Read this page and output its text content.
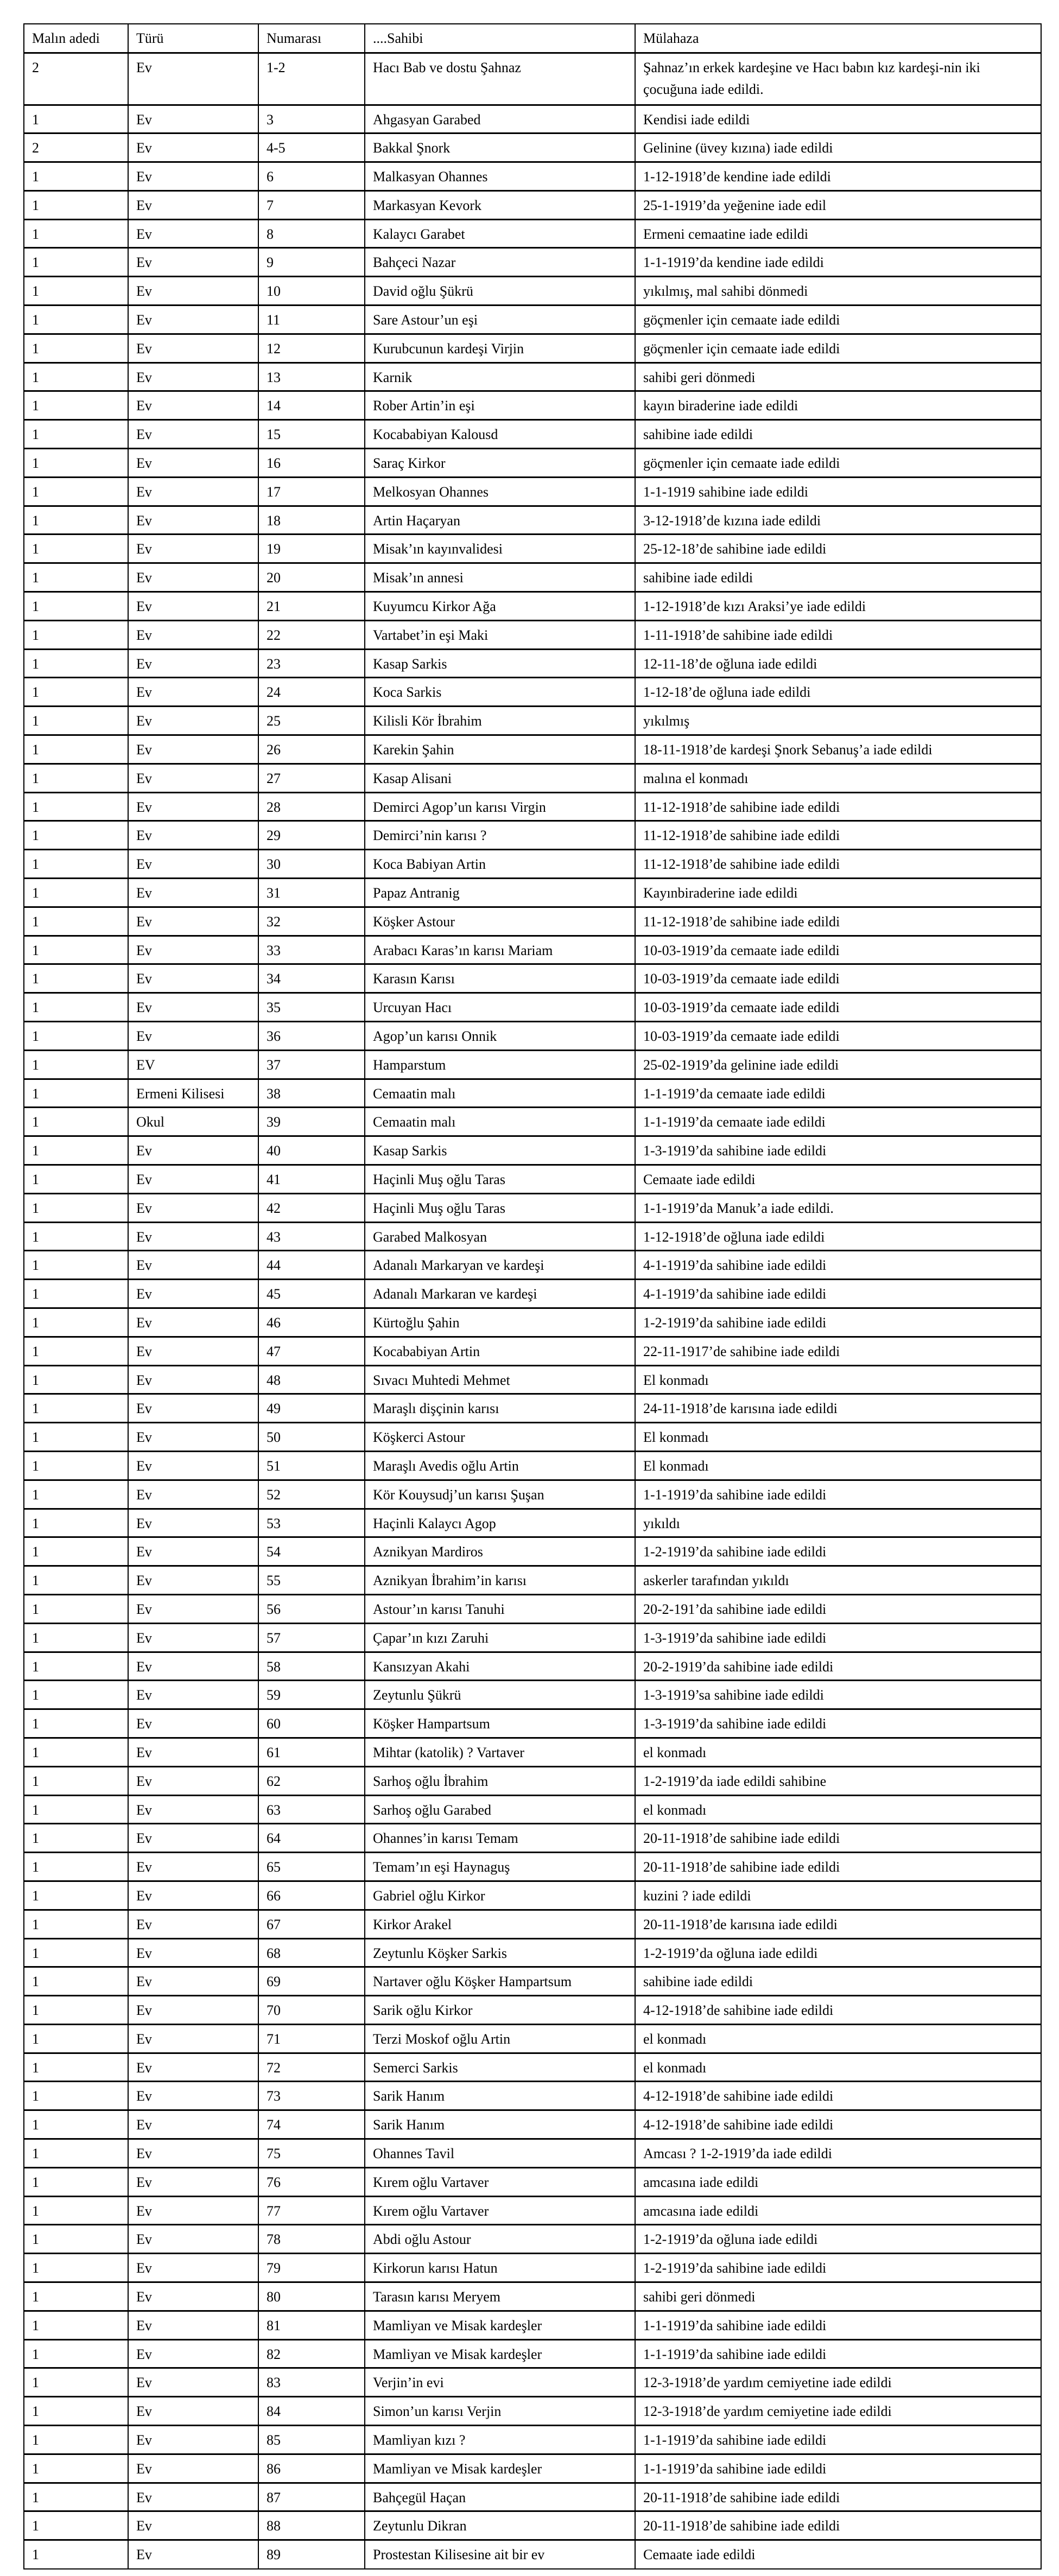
Malın adedi	Türü	Numarası	....Sahibi	Mülahaza
2	Ev	1-2	Hacı Bab ve dostu Şahnaz	Şahnaz’ın erkek kardeşine ve Hacı babın kız kardeşi-nin iki çocuğuna iade edildi.
1	Ev	3	Ahgasyan Garabed	Kendisi iade edildi
2	Ev	4-5	Bakkal Şnork	Gelinine (üvey kızına) iade edildi
1	Ev	6	Malkasyan Ohannes	1-12-1918’de kendine iade edildi
1	Ev	7	Markasyan Kevork	25-1-1919’da yeğenine iade edil
1	Ev	8	Kalaycı Garabet	Ermeni cemaatine iade edildi
1	Ev	9	Bahçeci Nazar	1-1-1919’da kendine iade edildi
1	Ev	10	David oğlu Şükrü	yıkılmış, mal sahibi dönmedi
1	Ev	11	Sare Astour’un eşi	göçmenler için cemaate iade edildi
1	Ev	12	Kurubcunun kardeşi Virjin	göçmenler için cemaate iade edildi
1	Ev	13	Karnik	sahibi geri dönmedi
1	Ev	14	Rober Artin’in eşi	kayın biraderine iade edildi
1	Ev	15	Kocababiyan Kalousd	sahibine iade edildi
1	Ev	16	Saraç Kirkor	göçmenler için cemaate iade edildi
1	Ev	17	Melkosyan Ohannes	1-1-1919 sahibine iade edildi
1	Ev	18	Artin Haçaryan	3-12-1918’de kızına iade edildi
1	Ev	19	Misak’ın kayınvalidesi	25-12-18’de sahibine iade edildi
1	Ev	20	Misak’ın annesi	sahibine iade edildi
1	Ev	21	Kuyumcu Kirkor Ağa	1-12-1918’de kızı Araksi’ye iade edildi
1	Ev	22	Vartabet’in eşi Maki	1-11-1918’de sahibine iade edildi
1	Ev	23	Kasap Sarkis	12-11-18’de oğluna iade edildi
1	Ev	24	Koca Sarkis	1-12-18’de oğluna iade edildi
1	Ev	25	Kilisli Kör İbrahim	yıkılmış
1	Ev	26	Karekin Şahin	18-11-1918’de kardeşi Şnork Sebanuş’a iade edildi
1	Ev	27	Kasap Alisani	malına el konmadı
1	Ev	28	Demirci Agop’un karısı Virgin	11-12-1918’de sahibine iade edildi
1	Ev	29	Demirci’nin karısı ?	11-12-1918’de sahibine iade edildi
1	Ev	30	Koca Babiyan Artin	11-12-1918’de sahibine iade edildi
1	Ev	31	Papaz Antranig	Kayınbiraderine iade edildi
1	Ev	32	Köşker Astour	11-12-1918’de sahibine iade edildi
1	Ev	33	Arabacı Karas’ın karısı Mariam	10-03-1919’da cemaate iade edildi
1	Ev	34	Karasın Karısı	10-03-1919’da cemaate iade edildi
1	Ev	35	Urcuyan Hacı	10-03-1919’da cemaate iade edildi
1	Ev	36	Agop’un karısı Onnik	10-03-1919’da cemaate iade edildi
1	EV	37	Hamparstum	25-02-1919’da gelinine iade edildi
1	Ermeni Kilisesi	38	Cemaatin malı	1-1-1919’da cemaate iade edildi
1	Okul	39	Cemaatin malı	1-1-1919’da cemaate iade edildi
1	Ev	40	Kasap Sarkis	1-3-1919’da sahibine iade edildi
1	Ev	41	Haçinli Muş oğlu Taras	Cemaate iade edildi
1	Ev	42	Haçinli Muş oğlu Taras	1-1-1919’da Manuk’a iade edildi.
1	Ev	43	Garabed Malkosyan	1-12-1918’de oğluna iade edildi
1	Ev	44	Adanalı Markaryan ve kardeşi	4-1-1919’da sahibine iade edildi
1	Ev	45	Adanalı Markaran ve kardeşi	4-1-1919’da sahibine iade edildi
1	Ev	46	Kürtoğlu Şahin	1-2-1919’da sahibine iade edildi
1	Ev	47	Kocababiyan Artin	22-11-1917’de sahibine iade edildi
1	Ev	48	Sıvacı Muhtedi Mehmet	El konmadı
1	Ev	49	Maraşlı dişçinin karısı	24-11-1918’de karısına iade edildi
1	Ev	50	Köşkerci Astour	El konmadı
1	Ev	51	Maraşlı Avedis oğlu Artin	El konmadı
1	Ev	52	Kör Kouysudj’un karısı Şuşan	1-1-1919’da sahibine iade edildi
1	Ev	53	Haçinli Kalaycı Agop	yıkıldı
1	Ev	54	Aznikyan Mardiros	1-2-1919’da sahibine iade edildi
1	Ev	55	Aznikyan İbrahim’in karısı	askerler tarafından yıkıldı
1	Ev	56	Astour’ın karısı Tanuhi	20-2-191’da sahibine iade edildi
1	Ev	57	Çapar’ın kızı Zaruhi	1-3-1919’da sahibine iade edildi
1	Ev	58	Kansızyan Akahi	20-2-1919’da sahibine iade edildi
1	Ev	59	Zeytunlu Şükrü	1-3-1919’sa sahibine iade edildi
1	Ev	60	Köşker Hampartsum	1-3-1919’da sahibine iade edildi
1	Ev	61	Mihtar (katolik) ? Vartaver	el konmadı
1	Ev	62	Sarhoş oğlu İbrahim	1-2-1919’da iade edildi sahibine
1	Ev	63	Sarhoş oğlu Garabed	el konmadı
1	Ev	64	Ohannes’in karısı Temam	20-11-1918’de sahibine iade edildi
1	Ev	65	Temam’ın eşi Haynaguş	20-11-1918’de sahibine iade edildi
1	Ev	66	Gabriel oğlu Kirkor	kuzini ? iade edildi
1	Ev	67	Kirkor Arakel	20-11-1918’de karısına iade edildi
1	Ev	68	Zeytunlu Köşker Sarkis	1-2-1919’da oğluna iade edildi
1	Ev	69	Nartaver oğlu Köşker Hampartsum	sahibine iade edildi
1	Ev	70	Sarik oğlu Kirkor	4-12-1918’de sahibine iade edildi
1	Ev	71	Terzi Moskof oğlu Artin	el konmadı
1	Ev	72	Semerci Sarkis	el konmadı
1	Ev	73	Sarik Hanım	4-12-1918’de sahibine iade edildi
1	Ev	74	Sarik Hanım	4-12-1918’de sahibine iade edildi
1	Ev	75	Ohannes Tavil	Amcası ? 1-2-1919’da iade edildi
1	Ev	76	Kırem oğlu Vartaver	amcasına iade edildi
1	Ev	77	Kırem oğlu Vartaver	amcasına iade edildi
1	Ev	78	Abdi oğlu Astour	1-2-1919’da oğluna iade edildi
1	Ev	79	Kirkorun karısı Hatun	1-2-1919’da sahibine iade edildi
1	Ev	80	Tarasın karısı Meryem	sahibi geri dönmedi
1	Ev	81	Mamliyan ve Misak kardeşler	1-1-1919’da sahibine iade edildi
1	Ev	82	Mamliyan ve Misak kardeşler	1-1-1919’da sahibine iade edildi
1	Ev	83	Verjin’in evi	12-3-1918’de yardım cemiyetine iade edildi
1	Ev	84	Simon’un karısı Verjin	12-3-1918’de yardım cemiyetine iade edildi
1	Ev	85	Mamliyan kızı ?	1-1-1919’da sahibine iade edildi
1	Ev	86	Mamliyan ve Misak kardeşler	1-1-1919’da sahibine iade edildi
1	Ev	87	Bahçegül Haçan	20-11-1918’de sahibine iade edildi
1	Ev	88	Zeytunlu Dikran	20-11-1918’de sahibine iade edildi
1	Ev	89	Prostestan Kilisesine ait bir ev	Cemaate iade edildi
